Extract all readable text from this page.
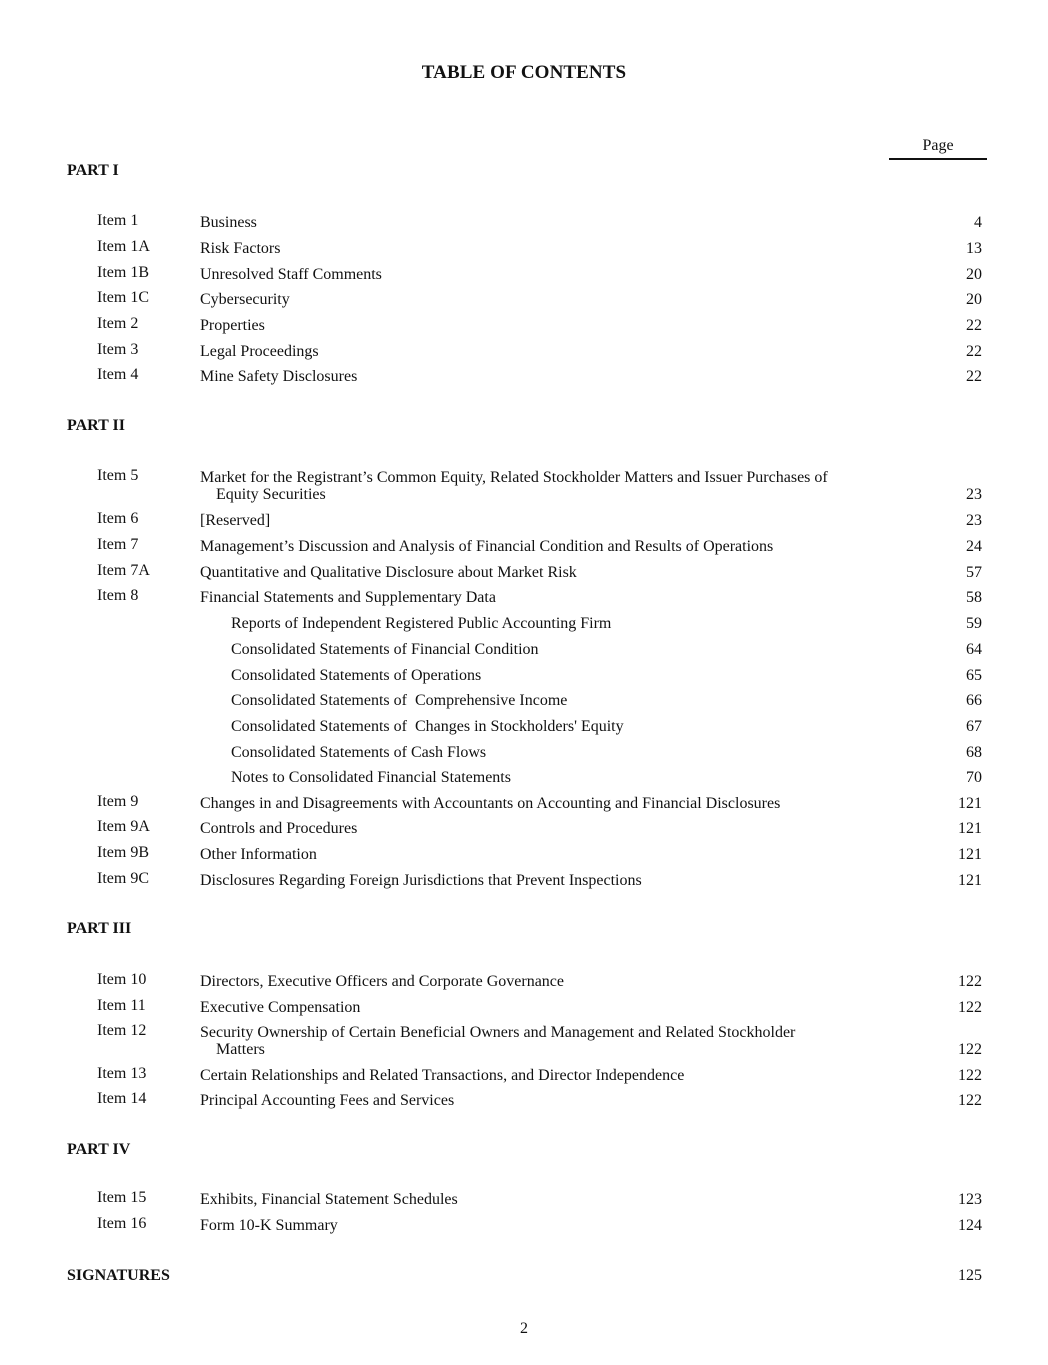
TABLE OF CONTENTS
Page
PART I
Item 1	Business	4
Item 1A	Risk Factors	13
Item 1B	Unresolved Staff Comments	20
Item 1C	Cybersecurity	20
Item 2	Properties	22
Item 3	Legal Proceedings	22
Item 4	Mine Safety Disclosures	22
PART II
Item 5	Market for the Registrant’s Common Equity, Related Stockholder Matters and Issuer Purchases of
Equity Securities	23
Item 6	[Reserved]	23
Item 7	Management’s Discussion and Analysis of Financial Condition and Results of Operations	24
Item 7A	Quantitative and Qualitative Disclosure about Market Risk	57
Item 8	Financial Statements and Supplementary Data	58
Reports of Independent Registered Public Accounting Firm	59
Consolidated Statements of Financial Condition	64
Consolidated Statements of Operations	65
Consolidated Statements of  Comprehensive Income	66
Consolidated Statements of  Changes in Stockholders' Equity	67
Consolidated Statements of Cash Flows	68
Notes to Consolidated Financial Statements	70
Item 9	Changes in and Disagreements with Accountants on Accounting and Financial Disclosures	121
Item 9A	Controls and Procedures	121
Item 9B	Other Information	121
Item 9C	Disclosures Regarding Foreign Jurisdictions that Prevent Inspections	121
PART III
Item 10	Directors, Executive Officers and Corporate Governance	122
Item 11	Executive Compensation	122
Item 12	Security Ownership of Certain Beneficial Owners and Management and Related Stockholder
Matters	122
Item 13	Certain Relationships and Related Transactions, and Director Independence	122
Item 14	Principal Accounting Fees and Services	122
PART IV
Item 15	Exhibits, Financial Statement Schedules	123
Item 16	Form 10-K Summary	124
SIGNATURES	125
2
